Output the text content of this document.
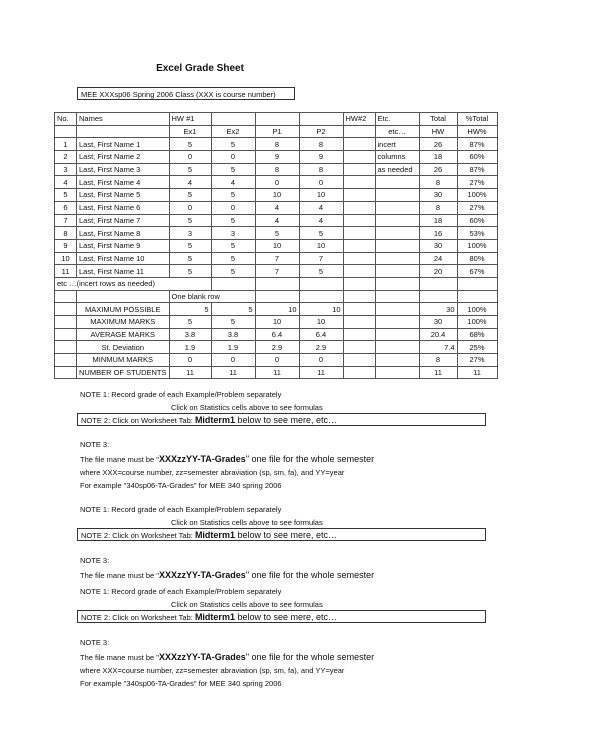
Excel Grade Sheet
MEE XXXsp06 Spring 2006 Class (XXX is course number)
No.	Names	HW #1				HW#2	Etc.	Total	%Total
		Ex1	Ex2	P1	P2		etc…	HW	HW%
1	Last, First Name 1	5	5	8	8		incert	26	87%
2	Last, First Name 2	0	0	9	9		columns	18	60%
3	Last, First Name 3	5	5	8	8		as needed	26	87%
4	Last, First Name 4	4	4	0	0			8	27%
5	Last, First Name 5	5	5	10	10			30	100%
6	Last, First Name 6	0	0	4	4			8	27%
7	Last, First Name 7	5	5	4	4			18	60%
8	Last, First Name 8	3	3	5	5			16	53%
9	Last, First Name 9	5	5	10	10			30	100%
10	Last, First Name 10	5	5	7	7			24	80%
11	Last, First Name 11	5	5	7	5			20	67%
etc …(incert rows as needed)									
		One blank row							
	MAXIMUM POSSIBLE	5	5	10	10			30	100%
	MAXIMUM MARKS	5	5	10	10			30	100%
	AVERAGE MARKS	3.8	3.8	6.4	6.4			20.4	68%
	St. Deviation	1.9	1.9	2.9	2.9			7.4	25%
	MINMUM MARKS	0	0	0	0			8	27%
	NUMBER OF STUDENTS	11	11	11	11			11	11
NOTE 1: Record grade of each Example/Problem separately
Click on Statistics cells above to see formulas
NOTE 2: Click on Worksheet Tab: Midterm1 below to see mere, etc…
NOTE 3:
The file mane must be "XXXzzYY-TA-Grades" one file for the whole semester
where XXX=course number, zz=semester abraviation (sp, sm, fa), and YY=year
For example "340sp06-TA-Grades" for MEE 340 spring 2006
NOTE 1: Record grade of each Example/Problem separately
Click on Statistics cells above to see formulas
NOTE 2: Click on Worksheet Tab: Midterm1 below to see mere, etc…
NOTE 3:
The file mane must be "XXXzzYY-TA-Grades" one file for the whole semester
NOTE 1: Record grade of each Example/Problem separately
Click on Statistics cells above to see formulas
NOTE 2: Click on Worksheet Tab: Midterm1 below to see mere, etc…
NOTE 3:
The file mane must be "XXXzzYY-TA-Grades" one file for the whole semester
where XXX=course number, zz=semester abraviation (sp, sm, fa), and YY=year
For example "340sp06-TA-Grades" for MEE 340 spring 2006
